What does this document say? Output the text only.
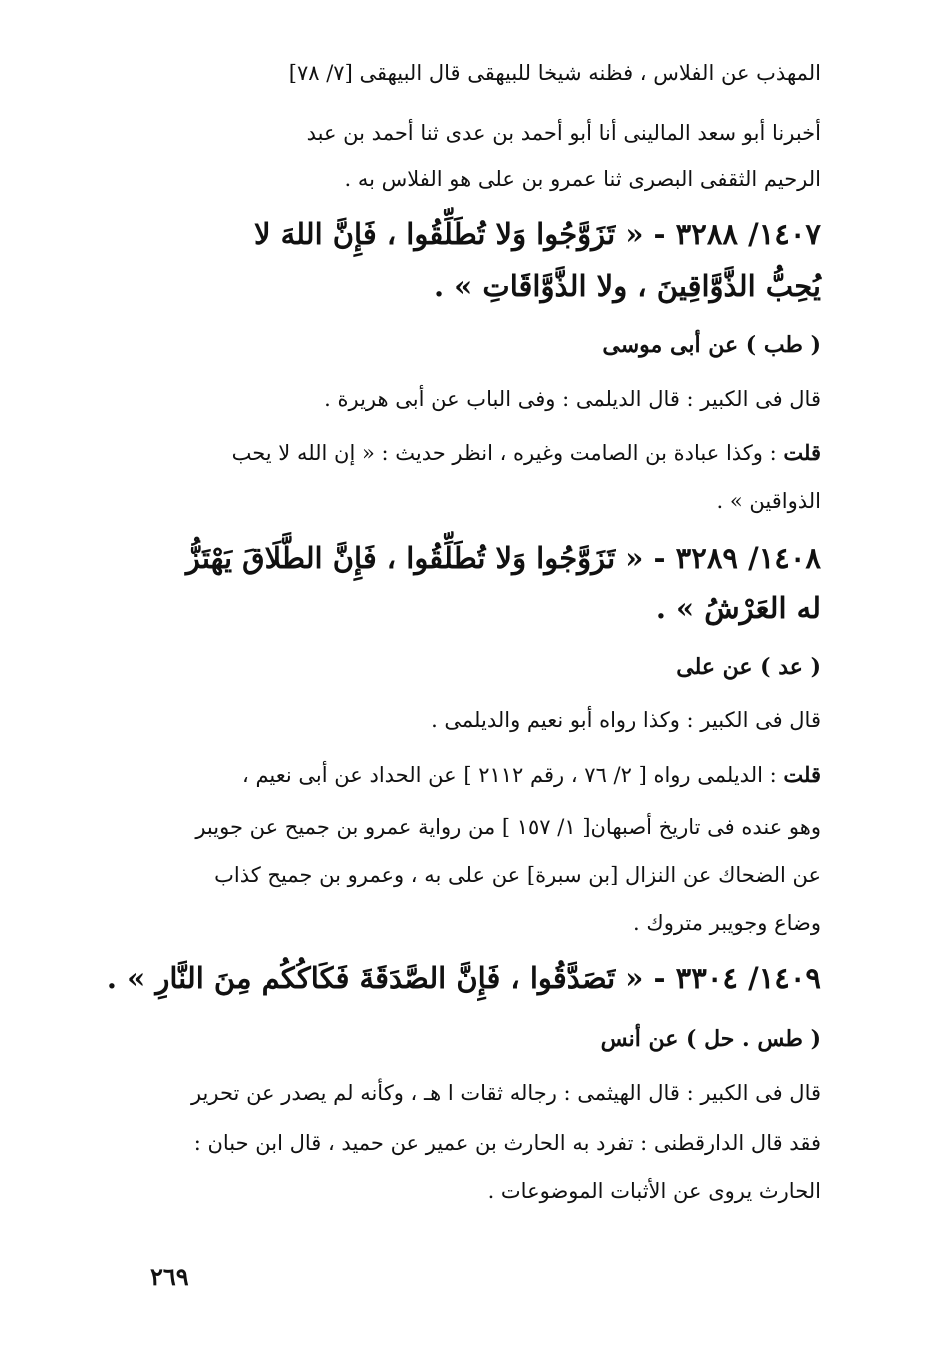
المهذب عن الفلاس ، فظنه شيخا للبيهقى قال البيهقى [٧/ ٧٨]
أخبرنا أبو سعد المالينى أنا أبو أحمد بن عدى ثنا أحمد بن عبد
الرحيم الثقفى البصرى ثنا عمرو بن على هو الفلاس به .
١٤٠٧/ ٣٢٨٨ - « تَزَوَّجُوا وَلا تُطَلِّقُوا ، فَإِنَّ اللهَ لا
يُحِبُّ الذَّوَّاقِينَ ، ولا الذَّوَّاقَاتِ » .
( طب ) عن أبى موسى
قال فى الكبير : قال الديلمى : وفى الباب عن أبى هريرة .
قلت : وكذا عبادة بن الصامت وغيره ، انظر حديث : « إن الله لا يحب
الذواقين » .
١٤٠٨/ ٣٢٨٩ - « تَزَوَّجُوا وَلا تُطَلِّقُوا ، فَإِنَّ الطَّلَاقَ يَهْتَزُّ
له العَرْشُ » .
( عد ) عن على
قال فى الكبير : وكذا رواه أبو نعيم والديلمى .
قلت : الديلمى رواه [ ٢/ ٧٦ ، رقم ٢١١٢ ] عن الحداد عن أبى نعيم ،
وهو عنده فى تاريخ أصبهان[ ١/ ١٥٧ ] من رواية عمرو بن جميح عن جويبر
عن الضحاك عن النزال [بن سبرة] عن على به ، وعمرو بن جميح كذاب
وضاع وجويبر متروك .
١٤٠٩/ ٣٣٠٤ - « تَصَدَّقُوا ، فَإِنَّ الصَّدَقَةَ فَكَاكُكُم مِنَ النَّارِ » .
( طس . حل ) عن أنس
قال فى الكبير : قال الهيثمى : رجاله ثقات ا هـ ، وكأنه لم يصدر عن تحرير
فقد قال الدارقطنى : تفرد به الحارث بن عمير عن حميد ، قال ابن حبان :
الحارث يروى عن الأثبات الموضوعات .
٢٦٩
